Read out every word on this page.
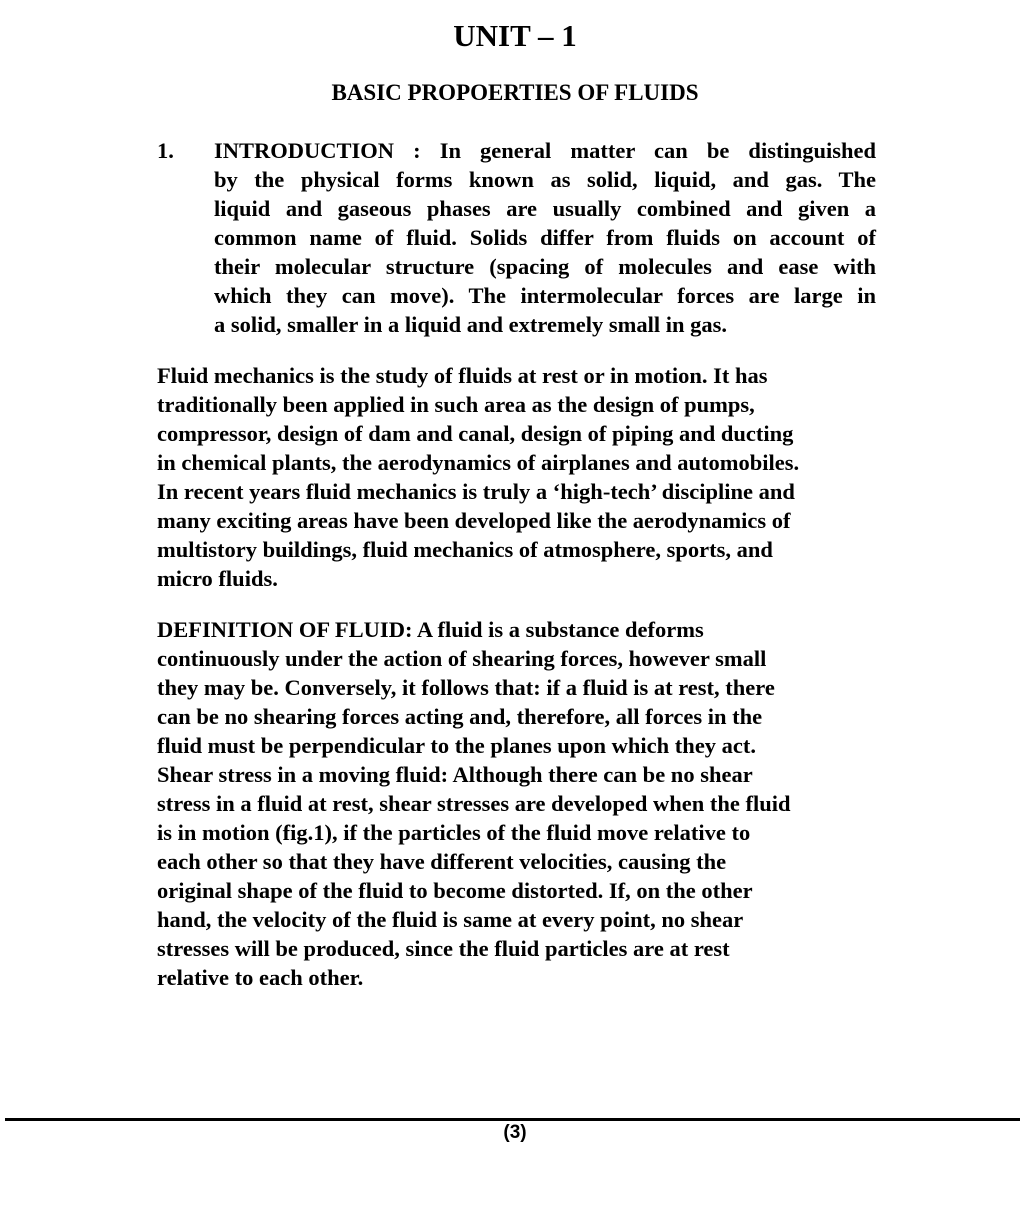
UNIT – 1
BASIC PROPOERTIES OF FLUIDS
1. INTRODUCTION : In general matter can be distinguished
by the physical forms known as solid, liquid, and gas. The
liquid and gaseous phases are usually combined and given a
common name of fluid. Solids differ from fluids on account of
their molecular structure (spacing of molecules and ease with
which they can move). The intermolecular forces are large in
a solid, smaller in a liquid and extremely small in gas.
Fluid mechanics is the study of fluids at rest or in motion. It has
traditionally been applied in such area as the design of pumps,
compressor, design of dam and canal, design of piping and ducting
in chemical plants, the aerodynamics of airplanes and automobiles.
In recent years fluid mechanics is truly a ‘high-tech’ discipline and
many exciting areas have been developed like the aerodynamics of
multistory buildings, fluid mechanics of atmosphere, sports, and
micro fluids.
DEFINITION OF FLUID: A fluid is a substance deforms
continuously under the action of shearing forces, however small
they may be. Conversely, it follows that: if a fluid is at rest, there
can be no shearing forces acting and, therefore, all forces in the
fluid must be perpendicular to the planes upon which they act.
Shear stress in a moving fluid: Although there can be no shear
stress in a fluid at rest, shear stresses are developed when the fluid
is in motion (fig.1), if the particles of the fluid move relative to
each other so that they have different velocities, causing the
original shape of the fluid to become distorted. If, on the other
hand, the velocity of the fluid is same at every point, no shear
stresses will be produced, since the fluid particles are at rest
relative to each other.
(3)
